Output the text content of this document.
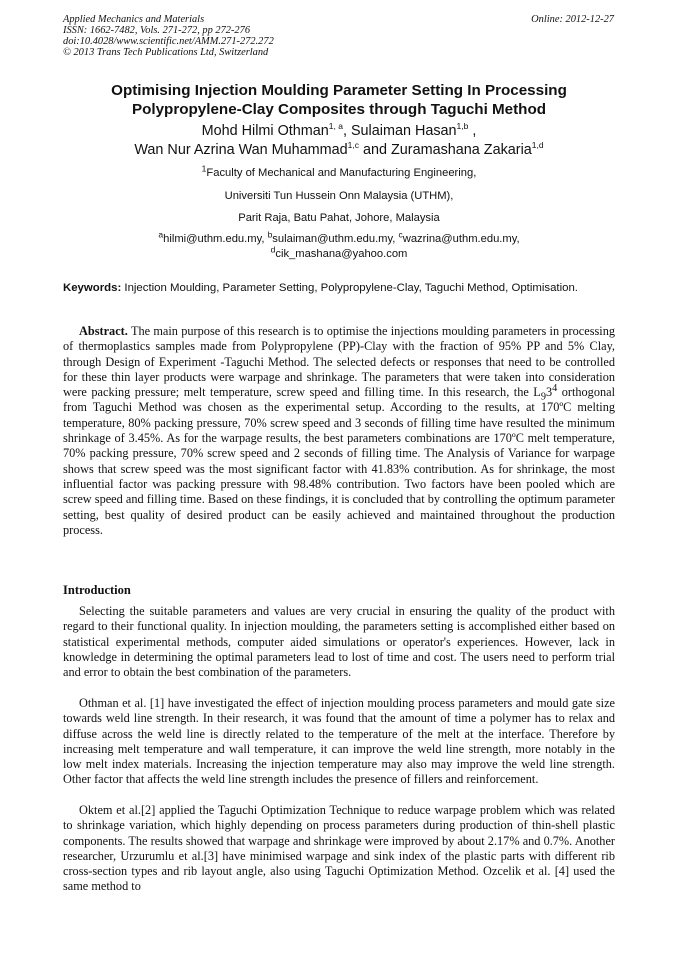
Applied Mechanics and Materials
ISSN: 1662-7482, Vols. 271-272, pp 272-276
doi:10.4028/www.scientific.net/AMM.271-272.272
© 2013 Trans Tech Publications Ltd, Switzerland
Online: 2012-12-27
Optimising Injection Moulding Parameter Setting In Processing
Polypropylene-Clay Composites through Taguchi Method
Mohd Hilmi Othman$^{1, a}$, Sulaiman Hasan$^{1,b}$ ,
Wan Nur Azrina Wan Muhammad$^{1,c}$ and Zuramashana Zakaria$^{1,d}$
$^1$Faculty of Mechanical and Manufacturing Engineering,
Universiti Tun Hussein Onn Malaysia (UTHM),
Parit Raja, Batu Pahat, Johore, Malaysia
$^a$hilmi@uthm.edu.my, $^b$sulaiman@uthm.edu.my, $^c$wazrina@uthm.edu.my,
$^d$cik_mashana@yahoo.com
Keywords: Injection Moulding, Parameter Setting, Polypropylene-Clay, Taguchi Method, Optimisation.
Abstract. The main purpose of this research is to optimise the injections moulding parameters in processing of thermoplastics samples made from Polypropylene (PP)-Clay with the fraction of 95% PP and 5% Clay, through Design of Experiment -Taguchi Method. The selected defects or responses that need to be controlled for these thin layer products were warpage and shrinkage. The parameters that were taken into consideration were packing pressure; melt temperature, screw speed and filling time. In this research, the $L_93^4$ orthogonal from Taguchi Method was chosen as the experimental setup. According to the results, at 170ºC melting temperature, 80% packing pressure, 70% screw speed and 3 seconds of filling time have resulted the minimum shrinkage of 3.45%. As for the warpage results, the best parameters combinations are 170ºC melt temperature, 70% packing pressure, 70% screw speed and 2 seconds of filling time. The Analysis of Variance for warpage shows that screw speed was the most significant factor with 41.83% contribution. As for shrinkage, the most influential factor was packing pressure with 98.48% contribution. Two factors have been pooled which are screw speed and filling time. Based on these findings, it is concluded that by controlling the optimum parameter setting, best quality of desired product can be easily achieved and maintained throughout the production process.
Introduction
Selecting the suitable parameters and values are very crucial in ensuring the quality of the product with regard to their functional quality. In injection moulding, the parameters setting is accomplished either based on statistical experimental methods, computer aided simulations or operator's experiences. However, lack in knowledge in determining the optimal parameters lead to lost of time and cost. The users need to perform trial and error to obtain the best combination of the parameters.
Othman et al. [1] have investigated the effect of injection moulding process parameters and mould gate size towards weld line strength. In their research, it was found that the amount of time a polymer has to relax and diffuse across the weld line is directly related to the temperature of the melt at the interface. Therefore by increasing melt temperature and wall temperature, it can improve the weld line strength, more notably in the low melt index materials. Increasing the injection temperature may also may improve the weld line strength. Other factor that affects the weld line strength includes the presence of fillers and reinforcement.
Oktem et al.[2] applied the Taguchi Optimization Technique to reduce warpage problem which was related to shrinkage variation, which highly depending on process parameters during production of thin-shell plastic components. The results showed that warpage and shrinkage were improved by about 2.17% and 0.7%. Another researcher, Urzurumlu et al.[3] have minimised warpage and sink index of the plastic parts with different rib cross-section types and rib layout angle, also using Taguchi Optimization Method. Ozcelik et al. [4] used the same method to
